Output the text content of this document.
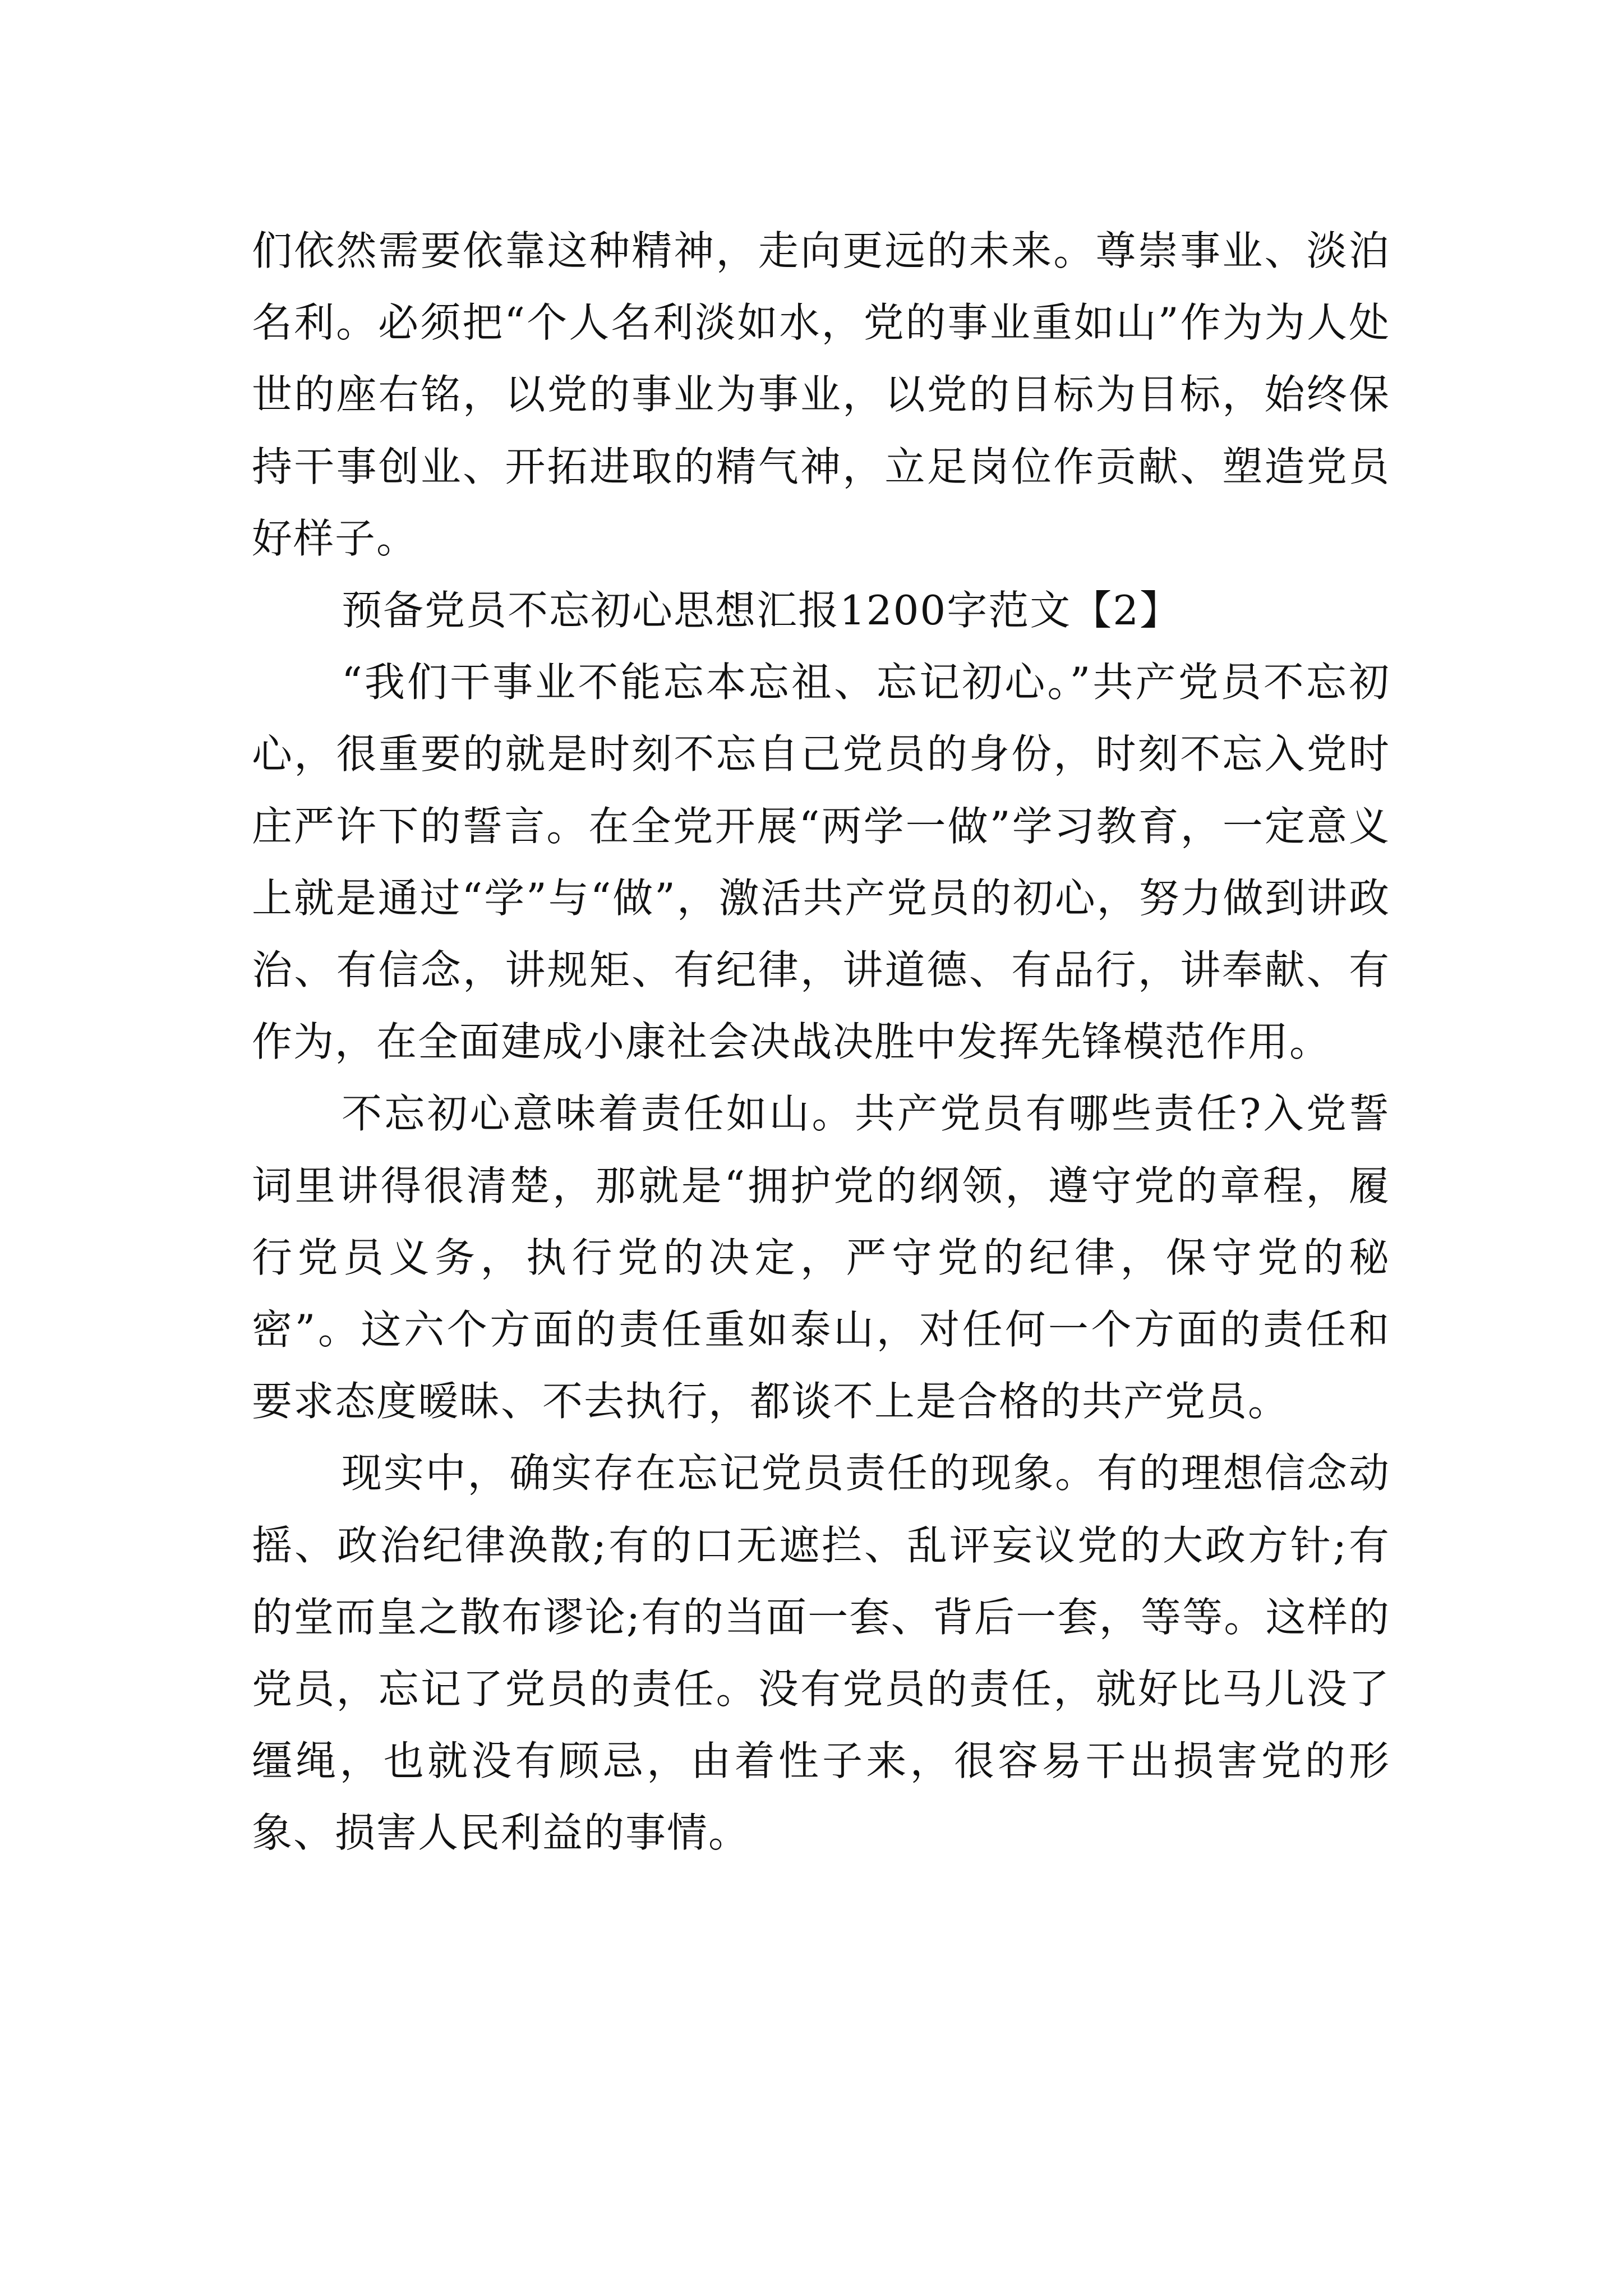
们依然需要依靠这种精神，走向更远的未来。尊崇事业、淡泊名利。必须把“个人名利淡如水，党的事业重如山”作为为人处世的座右铭，以党的事业为事业，以党的目标为目标，始终保持干事创业、开拓进取的精气神，立足岗位作贡献、塑造党员好样子。

预备党员不忘初心思想汇报1200字范文【2】

“我们干事业不能忘本忘祖、忘记初心。”共产党员不忘初心，很重要的就是时刻不忘自己党员的身份，时刻不忘入党时庄严许下的誓言。在全党开展“两学一做”学习教育，一定意义上就是通过“学”与“做”，激活共产党员的初心，努力做到讲政治、有信念，讲规矩、有纪律，讲道德、有品行，讲奉献、有作为，在全面建成小康社会决战决胜中发挥先锋模范作用。

不忘初心意味着责任如山。共产党员有哪些责任?入党誓词里讲得很清楚，那就是“拥护党的纲领，遵守党的章程，履行党员义务，执行党的决定，严守党的纪律，保守党的秘密”。这六个方面的责任重如泰山，对任何一个方面的责任和要求态度暧昧、不去执行，都谈不上是合格的共产党员。

现实中，确实存在忘记党员责任的现象。有的理想信念动摇、政治纪律涣散;有的口无遮拦、乱评妄议党的大政方针;有的堂而皇之散布谬论;有的当面一套、背后一套，等等。这样的党员，忘记了党员的责任。没有党员的责任，就好比马儿没了缰绳，也就没有顾忌，由着性子来，很容易干出损害党的形象、损害人民利益的事情。
